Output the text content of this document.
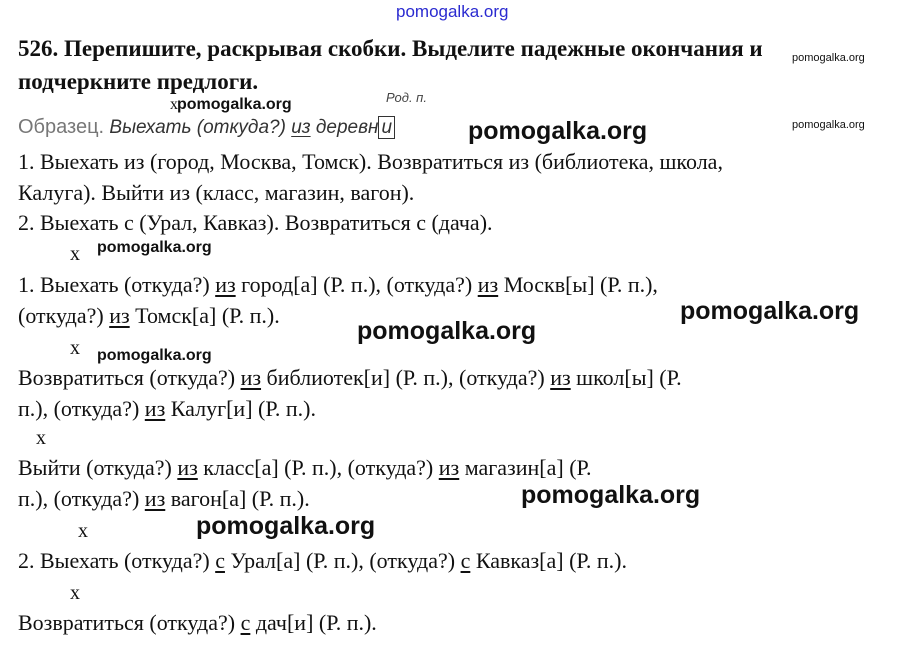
pomogalka.org
526. Перепишите, раскрывая скобки. Выделите падежные окончания и
подчеркните предлоги.
pomogalka.org
x pomogalka.org	Род. п.
Образец. Выехать (откуда?) из деревн и	pomogalka.org	pomogalka.org
1. Выехать из (город, Москва, Томск). Возвратиться из (библиотека, школа,
Калуга). Выйти из (класс, магазин, вагон).
2. Выехать с (Урал, Кавказ). Возвратиться с (дача).
x pomogalka.org
1. Выехать (откуда?) из город[а] (Р. п.), (откуда?) из Москв[ы] (Р. п.),
(откуда?) из Томск[а] (Р. п.).	pomogalka.org
pomogalka.org
x pomogalka.org
Возвратиться (откуда?) из библиотек[и] (Р. п.), (откуда?) из школ[ы] (Р.
п.), (откуда?) из Калуг[и] (Р. п.).
x
Выйти (откуда?) из класс[а] (Р. п.), (откуда?) из магазин[а] (Р.
п.), (откуда?) из вагон[а] (Р. п.).	pomogalka.org
x	pomogalka.org
2. Выехать (откуда?) с Урал[а] (Р. п.), (откуда?) с Кавказ[а] (Р. п.).
x
Возвратиться (откуда?) с дач[и] (Р. п.).
